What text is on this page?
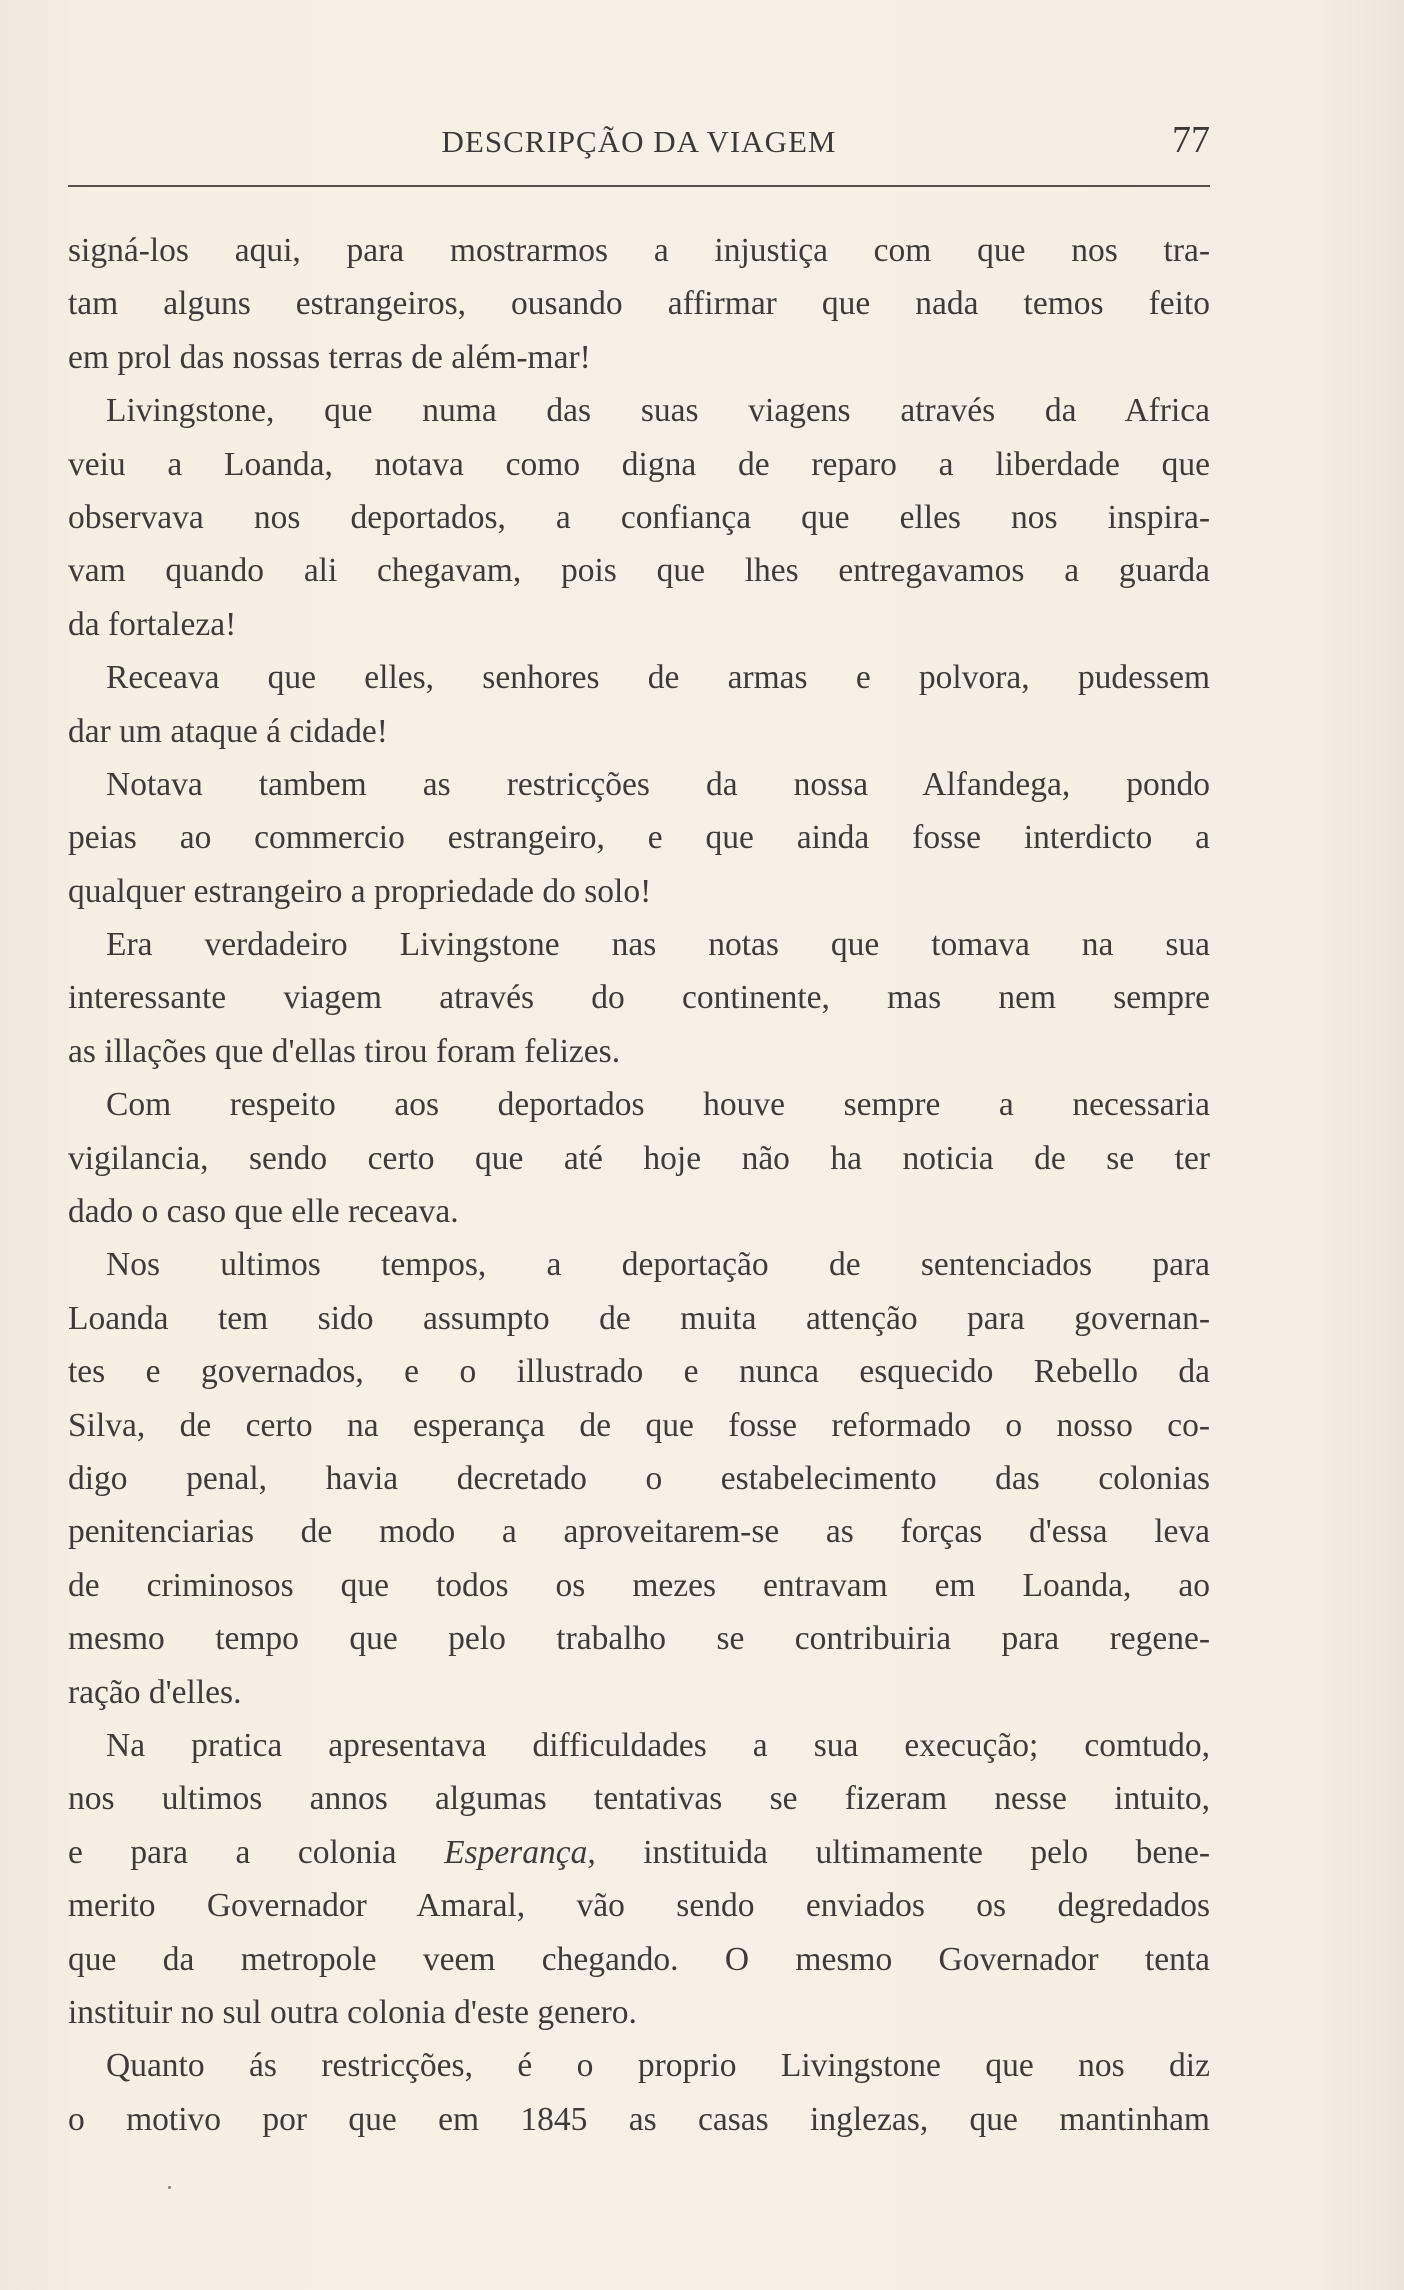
DESCRIPÇÃO DA VIAGEM	77
signá-los aqui, para mostrarmos a injustiça com que nos tra-
tam alguns estrangeiros, ousando affirmar que nada temos feito
em prol das nossas terras de além-mar!
Livingstone, que numa das suas viagens através da Africa
veiu a Loanda, notava como digna de reparo a liberdade que
observava nos deportados, a confiança que elles nos inspira-
vam quando ali chegavam, pois que lhes entregavamos a guarda
da fortaleza!
Receava que elles, senhores de armas e polvora, pudessem
dar um ataque á cidade!
Notava tambem as restricções da nossa Alfandega, pondo
peias ao commercio estrangeiro, e que ainda fosse interdicto a
qualquer estrangeiro a propriedade do solo!
Era verdadeiro Livingstone nas notas que tomava na sua
interessante viagem através do continente, mas nem sempre
as illações que d'ellas tirou foram felizes.
Com respeito aos deportados houve sempre a necessaria
vigilancia, sendo certo que até hoje não ha noticia de se ter
dado o caso que elle receava.
Nos ultimos tempos, a deportação de sentenciados para
Loanda tem sido assumpto de muita attenção para governan-
tes e governados, e o illustrado e nunca esquecido Rebello da
Silva, de certo na esperança de que fosse reformado o nosso co-
digo penal, havia decretado o estabelecimento das colonias
penitenciarias de modo a aproveitarem-se as forças d'essa leva
de criminosos que todos os mezes entravam em Loanda, ao
mesmo tempo que pelo trabalho se contribuiria para regene-
ração d'elles.
Na pratica apresentava difficuldades a sua execução; comtudo,
nos ultimos annos algumas tentativas se fizeram nesse intuito,
e para a colonia Esperança, instituida ultimamente pelo bene-
merito Governador Amaral, vão sendo enviados os degredados
que da metropole veem chegando. O mesmo Governador tenta
instituir no sul outra colonia d'este genero.
Quanto ás restricções, é o proprio Livingstone que nos diz
o motivo por que em 1845 as casas inglezas, que mantinham
